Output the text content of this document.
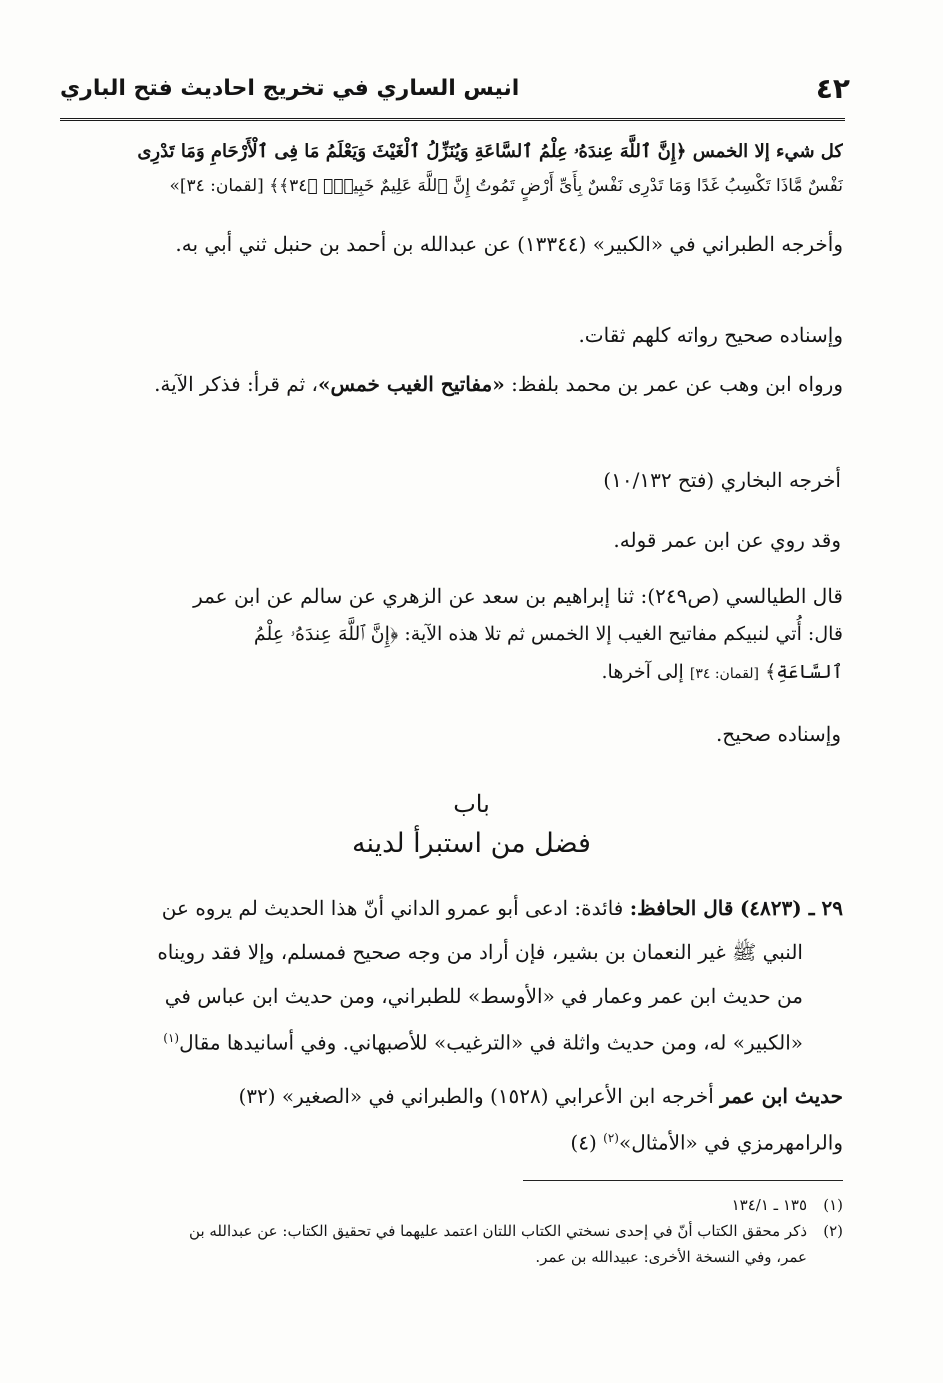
٤٢
انيس الساري في تخريج احاديث فتح الباري
كل شيء إلا الخمس ﴿إِنَّ ٱللَّهَ عِندَهُۥ عِلْمُ ٱلسَّاعَةِ وَيُنَزِّلُ ٱلْغَيْثَ وَيَعْلَمُ مَا فِى ٱلْأَرْحَامِ وَمَا تَدْرِى
نَفْسٌ مَّاذَا تَكْسِبُ غَدًا وَمَا تَدْرِى نَفْسٌ بِأَىِّ أَرْضٍ تَمُوتُ إِنَّ ٱللَّهَ عَلِيمٌ خَبِيرٌۢ ﴿٣٤﴾﴾ [لقمان: ٣٤]»

وأخرجه الطبراني في «الكبير» (١٣٣٤٤) عن عبدالله بن أحمد بن حنبل ثني أبي به.

وإسناده صحيح رواته كلهم ثقات.

ورواه ابن وهب عن عمر بن محمد بلفظ: «مفاتيح الغيب خمس»، ثم قرأ: فذكر الآية.

أخرجه البخاري (فتح ١٠/١٣٢)
وقد روي عن ابن عمر قوله.
قال الطيالسي (ص٢٤٩): ثنا إبراهيم بن سعد عن الزهري عن سالم عن ابن عمر
قال: أُتي لنبيكم مفاتيح الغيب إلا الخمس ثم تلا هذه الآية: ﴿إِنَّ ٱللَّهَ عِندَهُۥ عِلْمُ
ٱلسَّاعَةِ﴾ [لقمان: ٣٤] إلى آخرها.
وإسناده صحيح.
باب
فضل من استبرأ لدينه
٢٩ ـ (٤٨٢٣) قال الحافظ: فائدة: ادعى أبو عمرو الداني أنّ هذا الحديث لم يروه عن
النبي ﷺ غير النعمان بن بشير، فإن أراد من وجه صحيح فمسلم، وإلا فقد رويناه
من حديث ابن عمر وعمار في «الأوسط» للطبراني، ومن حديث ابن عباس في
«الكبير» له، ومن حديث واثلة في «الترغيب» للأصبهاني. وفي أسانيدها مقال$^{(١)}$
حديث ابن عمر أخرجه ابن الأعرابي (١٥٢٨) والطبراني في «الصغير» (٣٢)
والرامهرمزي في «الأمثال»$^{(٢)}$ (٤)

(١)١٣٥ ـ ١٣٤/١

(٢)ذكر محقق الكتاب أنّ في إحدى نسختي الكتاب اللتان اعتمد عليهما في تحقيق الكتاب: عن عبدالله بن

عمر، وفي النسخة الأخرى: عبيدالله بن عمر.
